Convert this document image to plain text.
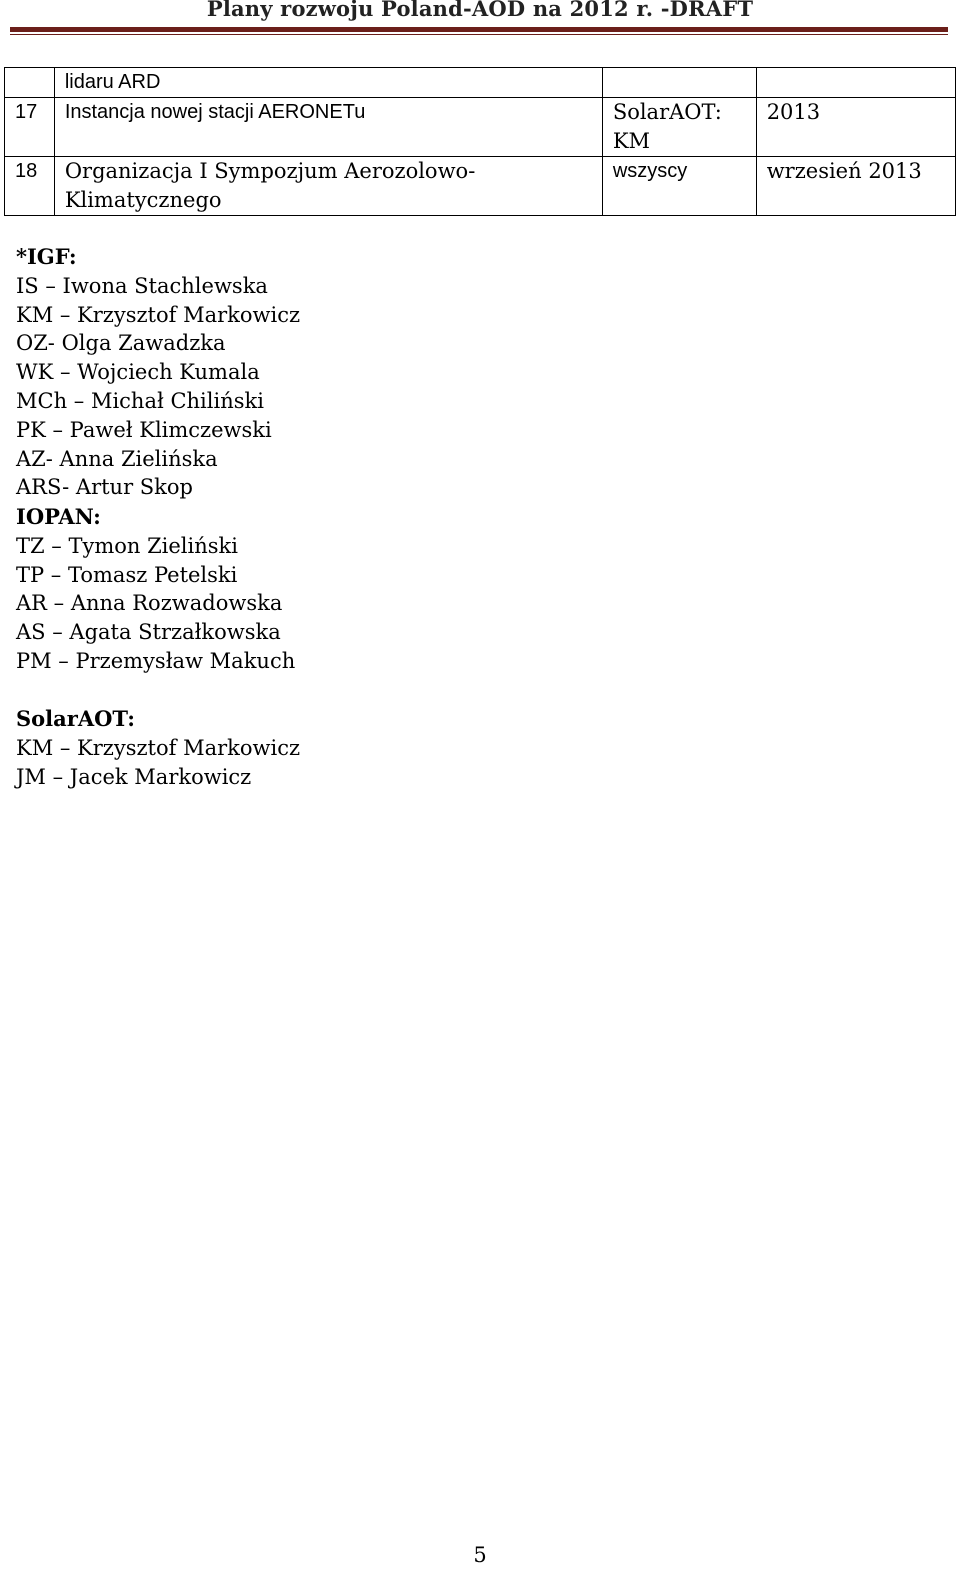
Plany rozwoju Poland-AOD na 2012 r. -DRAFT
	lidaru ARD		
17	Instancja nowej stacji AERONETu	SolarAOT: KM	2013
18	Organizacja I Sympozjum Aerozolowo-Klimatycznego	wszyscy	wrzesień 2013
*IGF:
IS – Iwona Stachlewska
KM – Krzysztof Markowicz
OZ- Olga Zawadzka
WK – Wojciech Kumala
MCh – Michał Chiliński
PK – Paweł Klimczewski
AZ- Anna Zielińska
ARS- Artur Skop
IOPAN:
TZ – Tymon Zieliński
TP – Tomasz Petelski
AR – Anna Rozwadowska
AS – Agata Strzałkowska
PM – Przemysław Makuch
SolarAOT:
KM – Krzysztof Markowicz
JM – Jacek Markowicz
5
